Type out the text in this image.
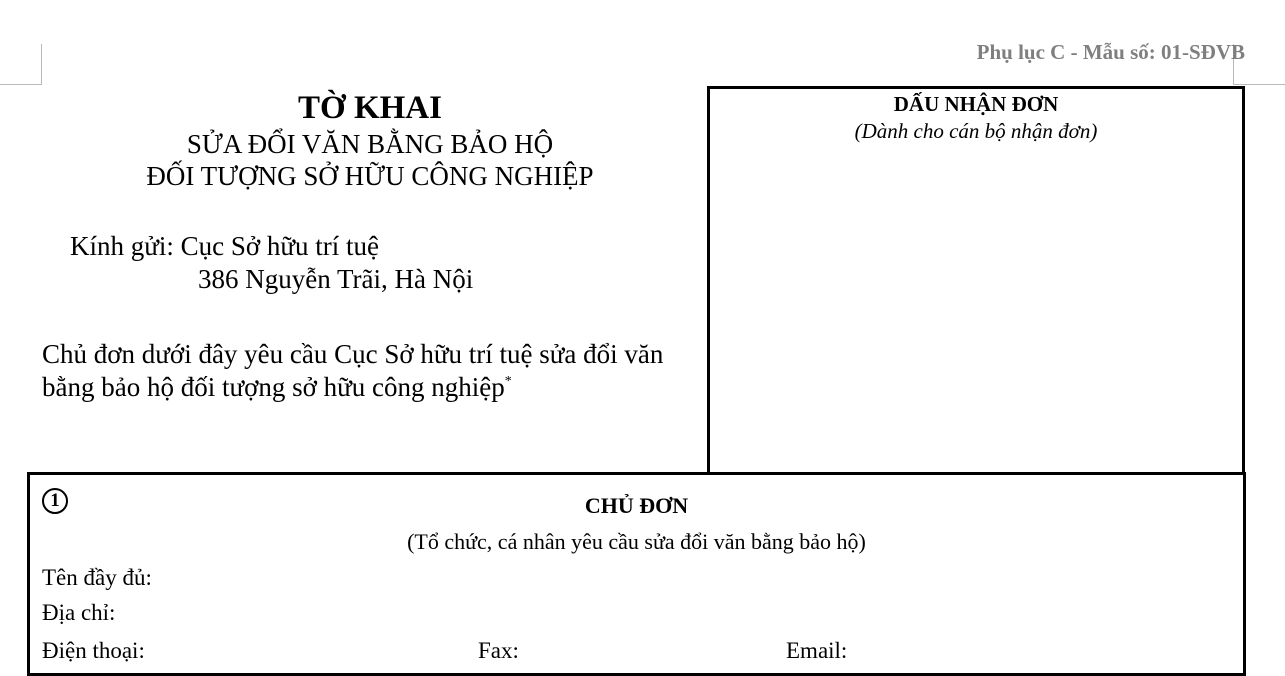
Phụ lục C - Mẫu số: 01-SĐVB
TỜ KHAI
SỬA ĐỔI VĂN BẰNG BẢO HỘ
ĐỐI TƯỢNG SỞ HỮU CÔNG NGHIỆP
Kính gửi: Cục Sở hữu trí tuệ
386 Nguyễn Trãi, Hà Nội
Chủ đơn dưới đây yêu cầu Cục Sở hữu trí tuệ sửa đổi văn
bằng bảo hộ đối tượng sở hữu công nghiệp*
DẤU NHẬN ĐƠN
(Dành cho cán bộ nhận đơn)
1	CHỦ ĐƠN
(Tổ chức, cá nhân yêu cầu sửa đổi văn bằng bảo hộ)
Tên đầy đủ:
Địa chỉ:
Điện thoại:	Fax:	Email:
